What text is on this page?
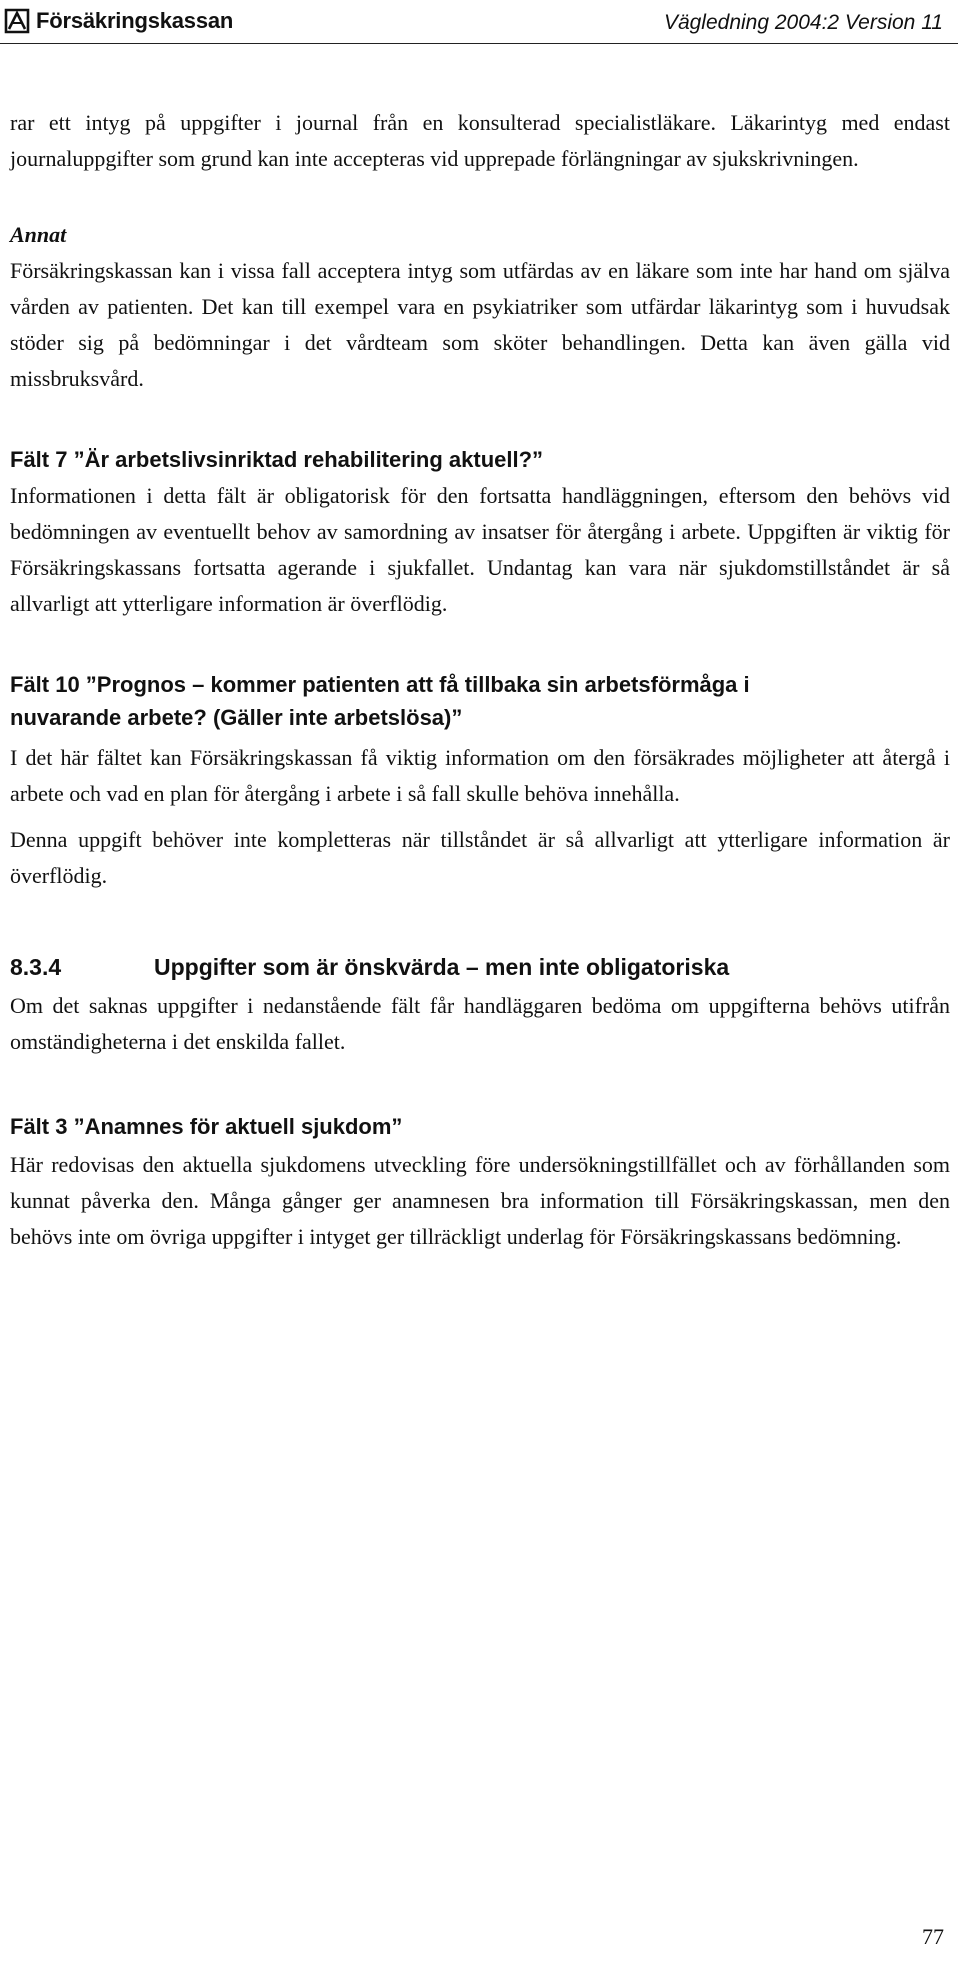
Försäkringskassan	Vägledning 2004:2 Version 11

rar ett intyg på uppgifter i journal från en konsulterad specialistläkare. Läkarintyg med endast journaluppgifter som grund kan inte accepteras vid upprepade förlängningar av sjukskrivningen.

Annat

Försäkringskassan kan i vissa fall acceptera intyg som utfärdas av en läkare som inte har hand om själva vården av patienten. Det kan till exempel vara en psykiatriker som utfärdar läkarintyg som i huvudsak stöder sig på bedömningar i det vårdteam som sköter behandlingen. Detta kan även gälla vid missbruksvård.

Fält 7 ”Är arbetslivsinriktad rehabilitering aktuell?”

Informationen i detta fält är obligatorisk för den fortsatta handläggningen, eftersom den behövs vid bedömningen av eventuellt behov av samordning av insatser för återgång i arbete. Uppgiften är viktig för Försäkringskassans fortsatta agerande i sjukfallet. Undantag kan vara när sjukdomstillståndet är så allvarligt att ytterligare information är överflödig.

Fält 10 ”Prognos – kommer patienten att få tillbaka sin arbetsförmåga i nuvarande arbete? (Gäller inte arbetslösa)”

I det här fältet kan Försäkringskassan få viktig information om den försäkrades möjligheter att återgå i arbete och vad en plan för återgång i arbete i så fall skulle behöva innehålla.

Denna uppgift behöver inte kompletteras när tillståndet är så allvarligt att ytterligare information är överflödig.

8.3.4	Uppgifter som är önskvärda – men inte obligatoriska

Om det saknas uppgifter i nedanstående fält får handläggaren bedöma om uppgifterna behövs utifrån omständigheterna i det enskilda fallet.

Fält 3 ”Anamnes för aktuell sjukdom”

Här redovisas den aktuella sjukdomens utveckling före undersökningstillfället och av förhållanden som kunnat påverka den. Många gånger ger anamnesen bra information till Försäkringskassan, men den behövs inte om övriga uppgifter i intyget ger tillräckligt underlag för Försäkringskassans bedömning.

77
